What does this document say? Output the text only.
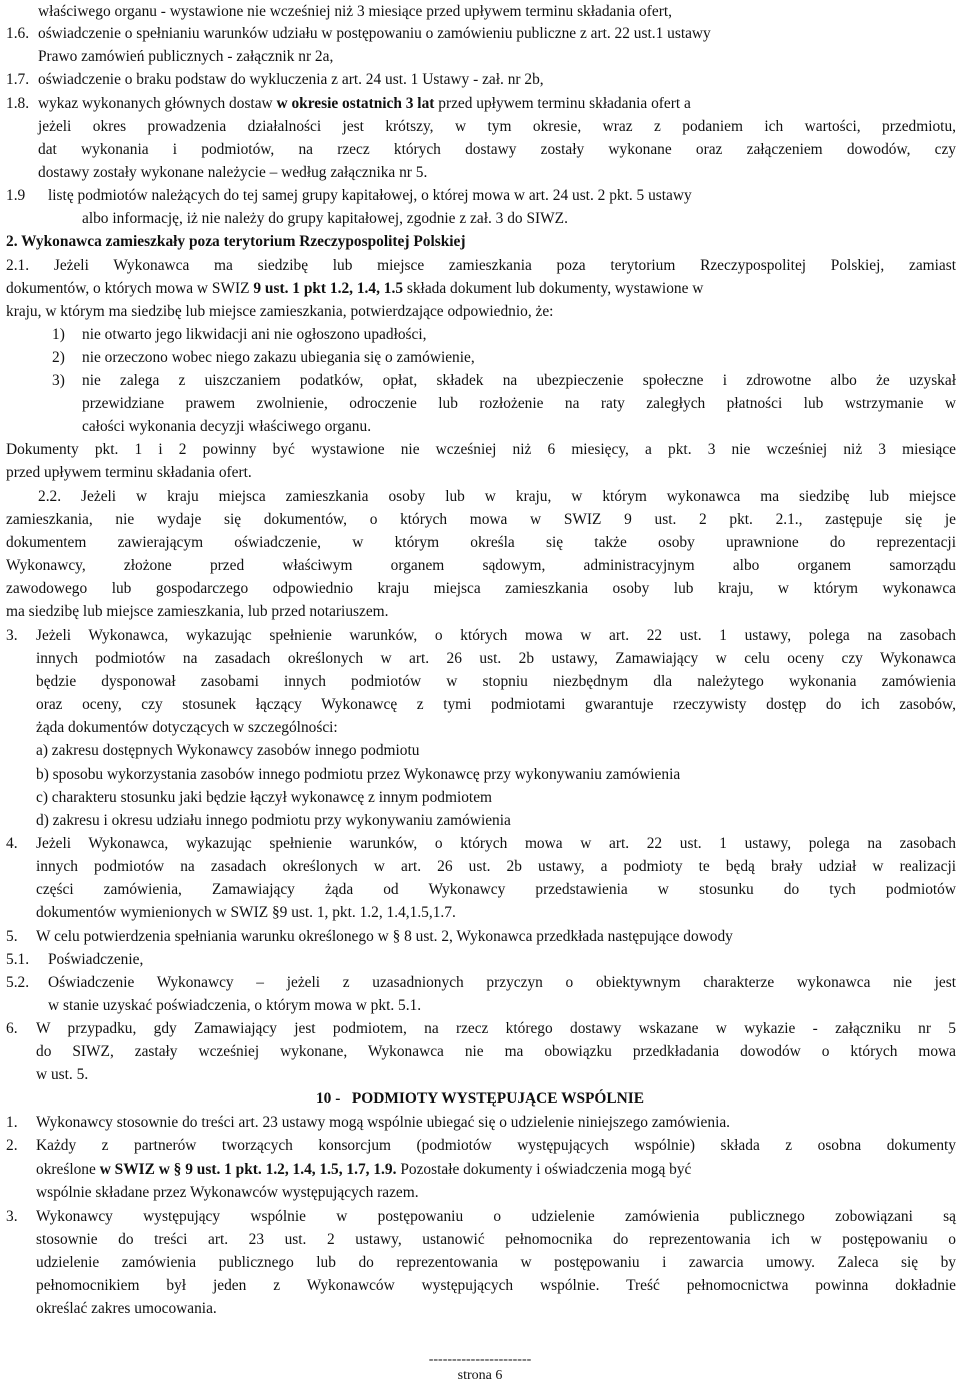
właściwego organu - wystawione nie wcześniej niż 3 miesiące przed upływem terminu składania ofert,
1.6. oświadczenie o spełnianiu warunków udziału w postępowaniu o zamówieniu publiczne z art. 22 ust.1 ustawy
Prawo zamówień publicznych - załącznik nr 2a,
1.7. oświadczenie o braku podstaw do wykluczenia z art. 24 ust. 1 Ustawy - zał. nr 2b,
1.8. wykaz wykonanych głównych dostaw w okresie ostatnich 3 lat przed upływem terminu składania ofert a
jeżeli okres prowadzenia działalności jest krótszy, w tym okresie, wraz z podaniem ich wartości, przedmiotu,
dat wykonania i podmiotów, na rzecz których dostawy zostały wykonane oraz załączeniem dowodów, czy
dostawy zostały wykonane należycie – według załącznika nr 5.
1.9 listę podmiotów należących do tej samej grupy kapitałowej, o której mowa w art. 24 ust. 2 pkt. 5 ustawy
albo informację, iż nie należy do grupy kapitałowej, zgodnie z zał. 3 do SIWZ.
2. Wykonawca zamieszkały poza terytorium Rzeczypospolitej Polskiej
2.1. Jeżeli Wykonawca ma siedzibę lub miejsce zamieszkania poza terytorium Rzeczypospolitej Polskiej, zamiast
dokumentów, o których mowa w SWIZ 9 ust. 1 pkt 1.2, 1.4, 1.5 składa dokument lub dokumenty, wystawione w
kraju, w którym ma siedzibę lub miejsce zamieszkania, potwierdzające odpowiednio, że:
1) nie otwarto jego likwidacji ani nie ogłoszono upadłości,
2) nie orzeczono wobec niego zakazu ubiegania się o zamówienie,
3) nie zalega z uiszczaniem podatków, opłat, składek na ubezpieczenie społeczne i zdrowotne albo że uzyskał
przewidziane prawem zwolnienie, odroczenie lub rozłożenie na raty zaległych płatności lub wstrzymanie w
całości wykonania decyzji właściwego organu.
Dokumenty pkt. 1 i 2 powinny być wystawione nie wcześniej niż 6 miesięcy, a pkt. 3 nie wcześniej niż 3 miesiące
przed upływem terminu składania ofert.
2.2. Jeżeli w kraju miejsca zamieszkania osoby lub w kraju, w którym wykonawca ma siedzibę lub miejsce
zamieszkania, nie wydaje się dokumentów, o których mowa w SWIZ 9 ust. 2 pkt. 2.1., zastępuje się je
dokumentem zawierającym oświadczenie, w którym określa się także osoby uprawnione do reprezentacji
Wykonawcy, złożone przed właściwym organem sądowym, administracyjnym albo organem samorządu
zawodowego lub gospodarczego odpowiednio kraju miejsca zamieszkania osoby lub kraju, w którym wykonawca
ma siedzibę lub miejsce zamieszkania, lub przed notariuszem.
3. Jeżeli Wykonawca, wykazując spełnienie warunków, o których mowa w art. 22 ust. 1 ustawy, polega na zasobach
innych podmiotów na zasadach określonych w art. 26 ust. 2b ustawy, Zamawiający w celu oceny czy Wykonawca
będzie dysponował zasobami innych podmiotów w stopniu niezbędnym dla należytego wykonania zamówienia
oraz oceny, czy stosunek łączący Wykonawcę z tymi podmiotami gwarantuje rzeczywisty dostęp do ich zasobów,
żąda dokumentów dotyczących w szczególności:
a) zakresu dostępnych Wykonawcy zasobów innego podmiotu
b) sposobu wykorzystania zasobów innego podmiotu przez Wykonawcę przy wykonywaniu zamówienia
c) charakteru stosunku jaki będzie łączył wykonawcę z innym podmiotem
d) zakresu i okresu udziału innego podmiotu przy wykonywaniu zamówienia
4. Jeżeli Wykonawca, wykazując spełnienie warunków, o których mowa w art. 22 ust. 1 ustawy, polega na zasobach
innych podmiotów na zasadach określonych w art. 26 ust. 2b ustawy, a podmioty te będą brały udział w realizacji
części zamówienia, Zamawiający żąda od Wykonawcy przedstawienia w stosunku do tych podmiotów
dokumentów wymienionych w SWIZ §9 ust. 1, pkt. 1.2, 1.4,1.5,1.7.
5. W celu potwierdzenia spełniania warunku określonego w § 8 ust. 2, Wykonawca przedkłada następujące dowody
5.1. Poświadczenie,
5.2. Oświadczenie Wykonawcy – jeżeli z uzasadnionych przyczyn o obiektywnym charakterze wykonawca nie jest
w stanie uzyskać poświadczenia, o którym mowa w pkt. 5.1.
6. W przypadku, gdy Zamawiający jest podmiotem, na rzecz którego dostawy wskazane w wykazie - załączniku nr 5
do SIWZ, zastały wcześniej wykonane, Wykonawca nie ma obowiązku przedkładania dowodów o których mowa
w ust. 5.
10 -   PODMIOTY WYSTĘPUJĄCE WSPÓLNIE
1. Wykonawcy stosownie do treści art. 23 ustawy mogą wspólnie ubiegać się o udzielenie niniejszego zamówienia.
2. Każdy z partnerów tworzących konsorcjum (podmiotów występujących wspólnie) składa z osobna dokumenty
określone w SWIZ w § 9 ust. 1 pkt. 1.2, 1.4, 1.5, 1.7, 1.9. Pozostałe dokumenty i oświadczenia mogą być
wspólnie składane przez Wykonawców występujących razem.
3. Wykonawcy występujący wspólnie w postępowaniu o udzielenie zamówienia publicznego zobowiązani są
stosownie do treści art. 23 ust. 2 ustawy, ustanowić pełnomocnika do reprezentowania ich w postępowaniu o
udzielenie zamówienia publicznego lub do reprezentowania w postępowaniu i zawarcia umowy. Zaleca się by
pełnomocnikiem był jeden z Wykonawców występujących wspólnie. Treść pełnomocnictwa powinna dokładnie
określać zakres umocowania.
----------------------
strona 6
